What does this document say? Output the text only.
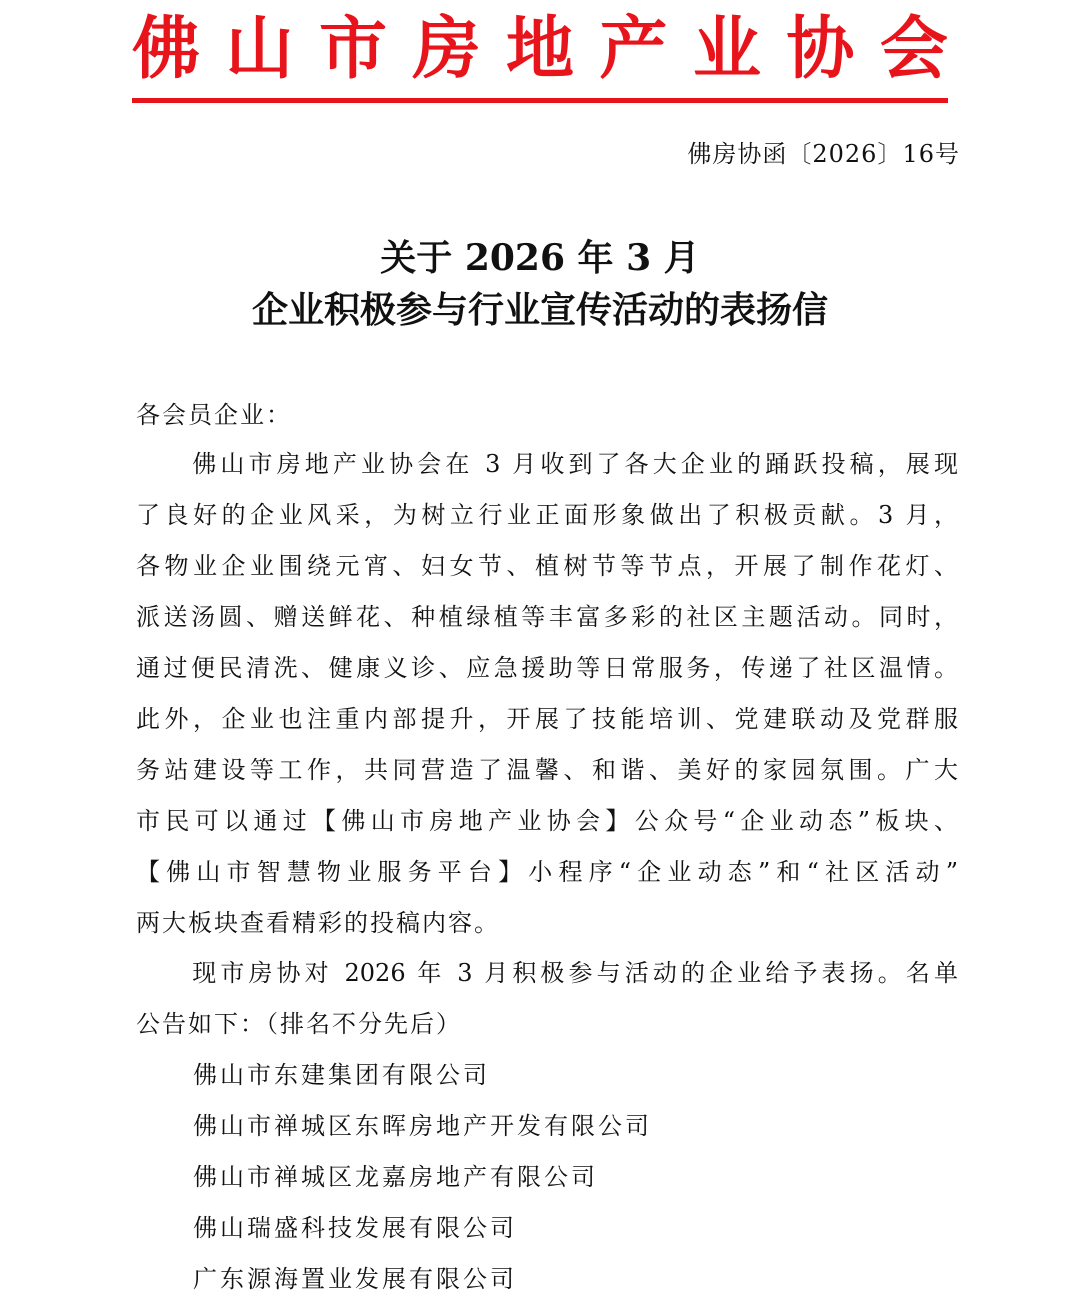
佛 山 市 房 地 产 业 协 会
佛房协函〔2026〕16号
关于 2026 年 3 月
企业积极参与行业宣传活动的表扬信
各会员企业：
　　佛山市房地产业协会在 3 月收到了各大企业的踊跃投稿，展现
了良好的企业风采，为树立行业正面形象做出了积极贡献。3 月，
各物业企业围绕元宵、妇女节、植树节等节点，开展了制作花灯、
派送汤圆、赠送鲜花、种植绿植等丰富多彩的社区主题活动。同时，
通过便民清洗、健康义诊、应急援助等日常服务，传递了社区温情。
此外，企业也注重内部提升，开展了技能培训、党建联动及党群服
务站建设等工作，共同营造了温馨、和谐、美好的家园氛围。广大
市民可以通过【佛山市房地产业协会】公众号“企业动态”板块、
【佛山市智慧物业服务平台】小程序“企业动态”和“社区活动”
两大板块查看精彩的投稿内容。
　　现市房协对 2026 年 3 月积极参与活动的企业给予表扬。名单
公告如下：（排名不分先后）
佛山市东建集团有限公司
佛山市禅城区东晖房地产开发有限公司
佛山市禅城区龙嘉房地产有限公司
佛山瑞盛科技发展有限公司
广东源海置业发展有限公司
